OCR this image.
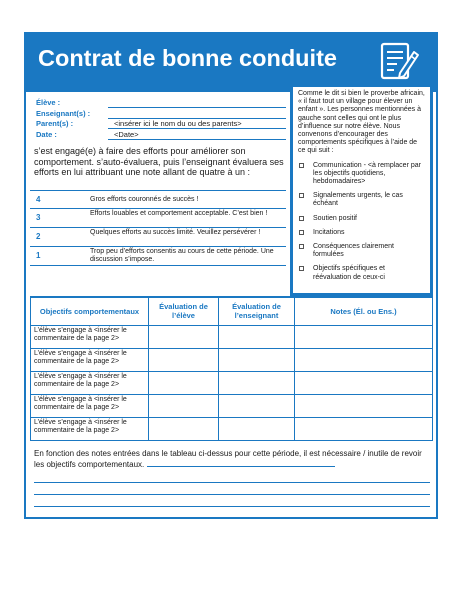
Contrat de bonne conduite
Élève :
Enseignant(s) :
Parent(s) :	<insérer ici le nom du ou des parents>
Date :	<Date>
s’est engagé(e) à faire des efforts pour améliorer son comportement. s’auto-évaluera, puis l’enseignant évaluera ses efforts en lui attribuant une note allant de quatre à un :
4	Gros efforts couronnés de succès !
3	Efforts louables et comportement acceptable. C’est bien !
2	Quelques efforts au succès limité. Veuillez persévérer !
1	Trop peu d’efforts consentis au cours de cette période. Une discussion s’impose.
Comme le dit si bien le proverbe africain, « il faut tout un village pour élever un enfant ». Les personnes mentionnées à gauche sont celles qui ont le plus d’influence sur notre élève. Nous convenons d’encourager des comportements spécifiques à l’aide de ce qui suit :
Communication - <à remplacer par les objectifs quotidiens, hebdomadaires>
Signalements urgents, le cas échéant
Soutien positif
Incitations
Conséquences clairement formulées
Objectifs spécifiques et réévaluation de ceux-ci
Objectifs comportementaux	Évaluation de l’élève	Évaluation de l’enseignant	Notes (Él. ou Ens.)
L’élève s’engage à <insérer le commentaire de la page 2>			
L’élève s’engage à <insérer le commentaire de la page 2>			
L’élève s’engage à <insérer le commentaire de la page 2>			
L’élève s’engage à <insérer le commentaire de la page 2>			
L’élève s’engage à <insérer le commentaire de la page 2>			
En fonction des notes entrées dans le tableau ci-dessus pour cette période, il est nécessaire / inutile de revoir les objectifs comportementaux.
